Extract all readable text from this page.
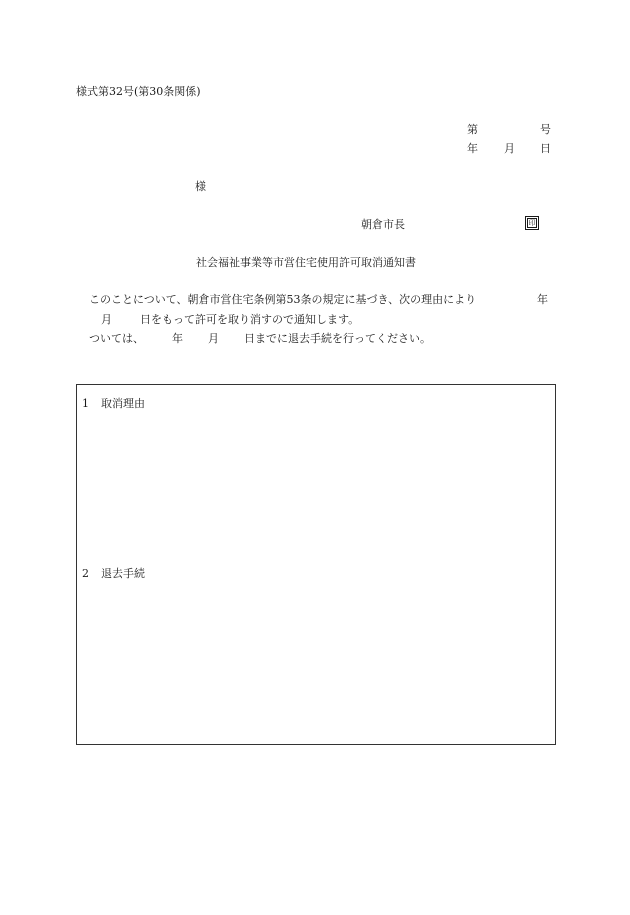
様式第32号(第30条関係)
第	号
年 月 日
様
朝倉市長	印
社会福祉事業等市営住宅使用許可取消通知書
このことについて、朝倉市営住宅条例第53条の規定に基づき、次の理由により	年
月	日をもって許可を取り消すので通知します。
ついては、	年 月 日までに退去手続を行ってください。
1 取消理由
2 退去手続
